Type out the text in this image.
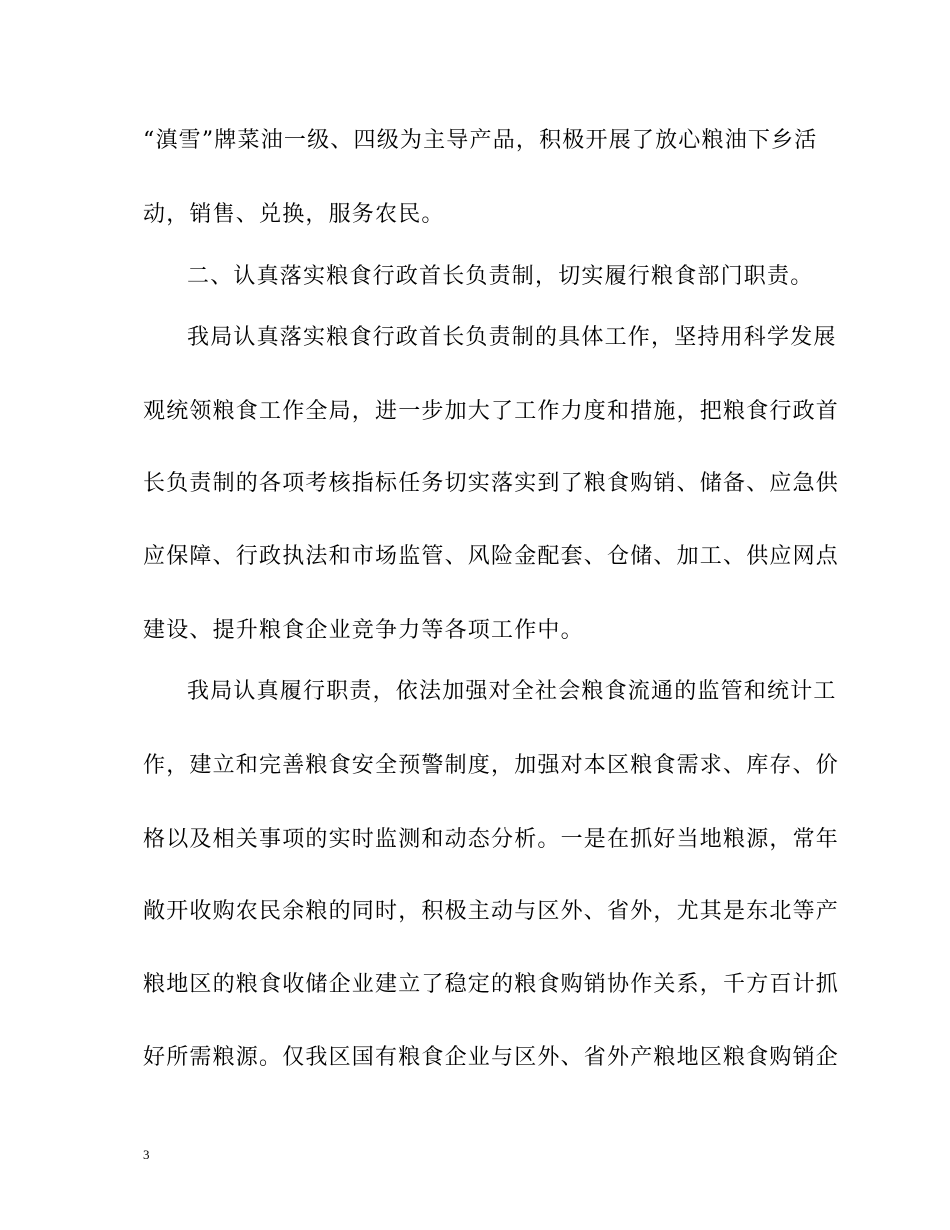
“滇雪”牌菜油一级、四级为主导产品，积极开展了放心粮油下乡活
动，销售、兑换，服务农民。
二、认真落实粮食行政首长负责制，切实履行粮食部门职责。
我局认真落实粮食行政首长负责制的具体工作，坚持用科学发展
观统领粮食工作全局，进一步加大了工作力度和措施，把粮食行政首
长负责制的各项考核指标任务切实落实到了粮食购销、储备、应急供
应保障、行政执法和市场监管、风险金配套、仓储、加工、供应网点
建设、提升粮食企业竞争力等各项工作中。
我局认真履行职责，依法加强对全社会粮食流通的监管和统计工
作，建立和完善粮食安全预警制度，加强对本区粮食需求、库存、价
格以及相关事项的实时监测和动态分析。一是在抓好当地粮源，常年
敞开收购农民余粮的同时，积极主动与区外、省外，尤其是东北等产
粮地区的粮食收储企业建立了稳定的粮食购销协作关系，千方百计抓
好所需粮源。仅我区国有粮食企业与区外、省外产粮地区粮食购销企
3
